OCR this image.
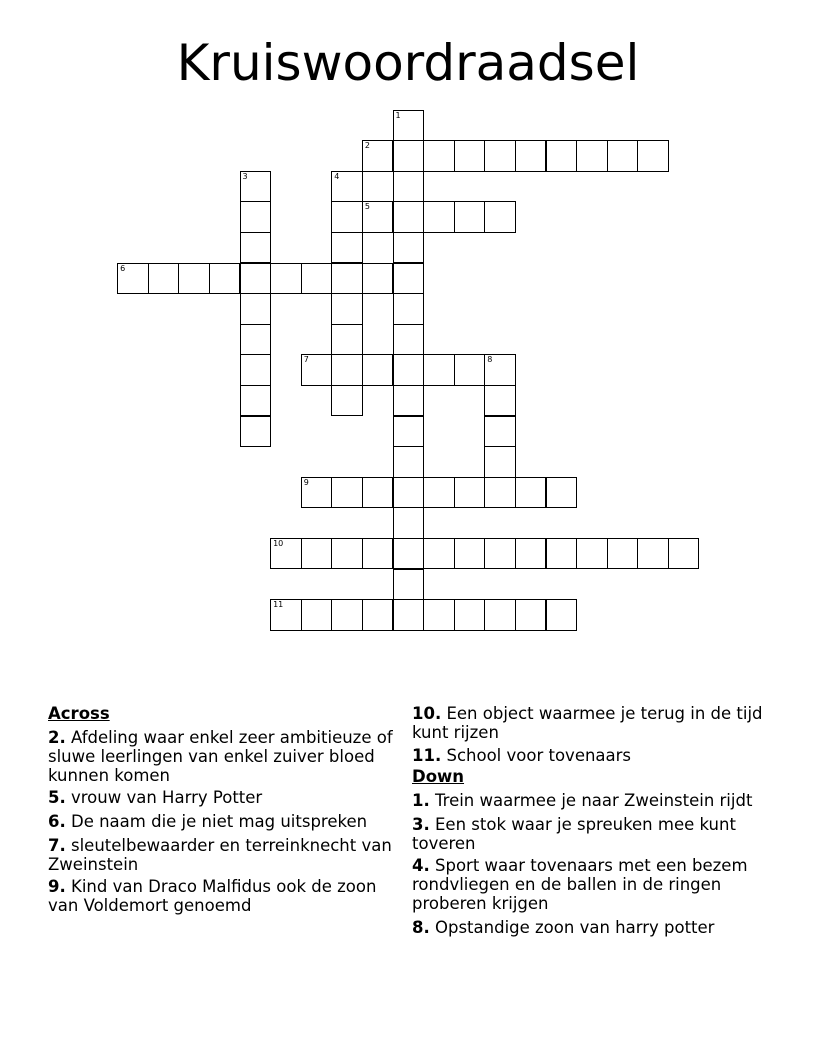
Kruiswoordraadsel
1
2
3	4
5
6
7	8
9
10
11
Across
2. Afdeling waar enkel zeer ambitieuze of sluwe leerlingen van enkel zuiver bloed kunnen komen
5. vrouw van Harry Potter
6. De naam die je niet mag uitspreken
7. sleutelbewaarder en terreinknecht van Zweinstein
9. Kind van Draco Malfidus ook de zoon van Voldemort genoemd
10. Een object waarmee je terug in de tijd kunt rijzen
11. School voor tovenaars
Down
1. Trein waarmee je naar Zweinstein rijdt
3. Een stok waar je spreuken mee kunt toveren
4. Sport waar tovenaars met een bezem rondvliegen en de ballen in de ringen proberen krijgen
8. Opstandige zoon van harry potter
